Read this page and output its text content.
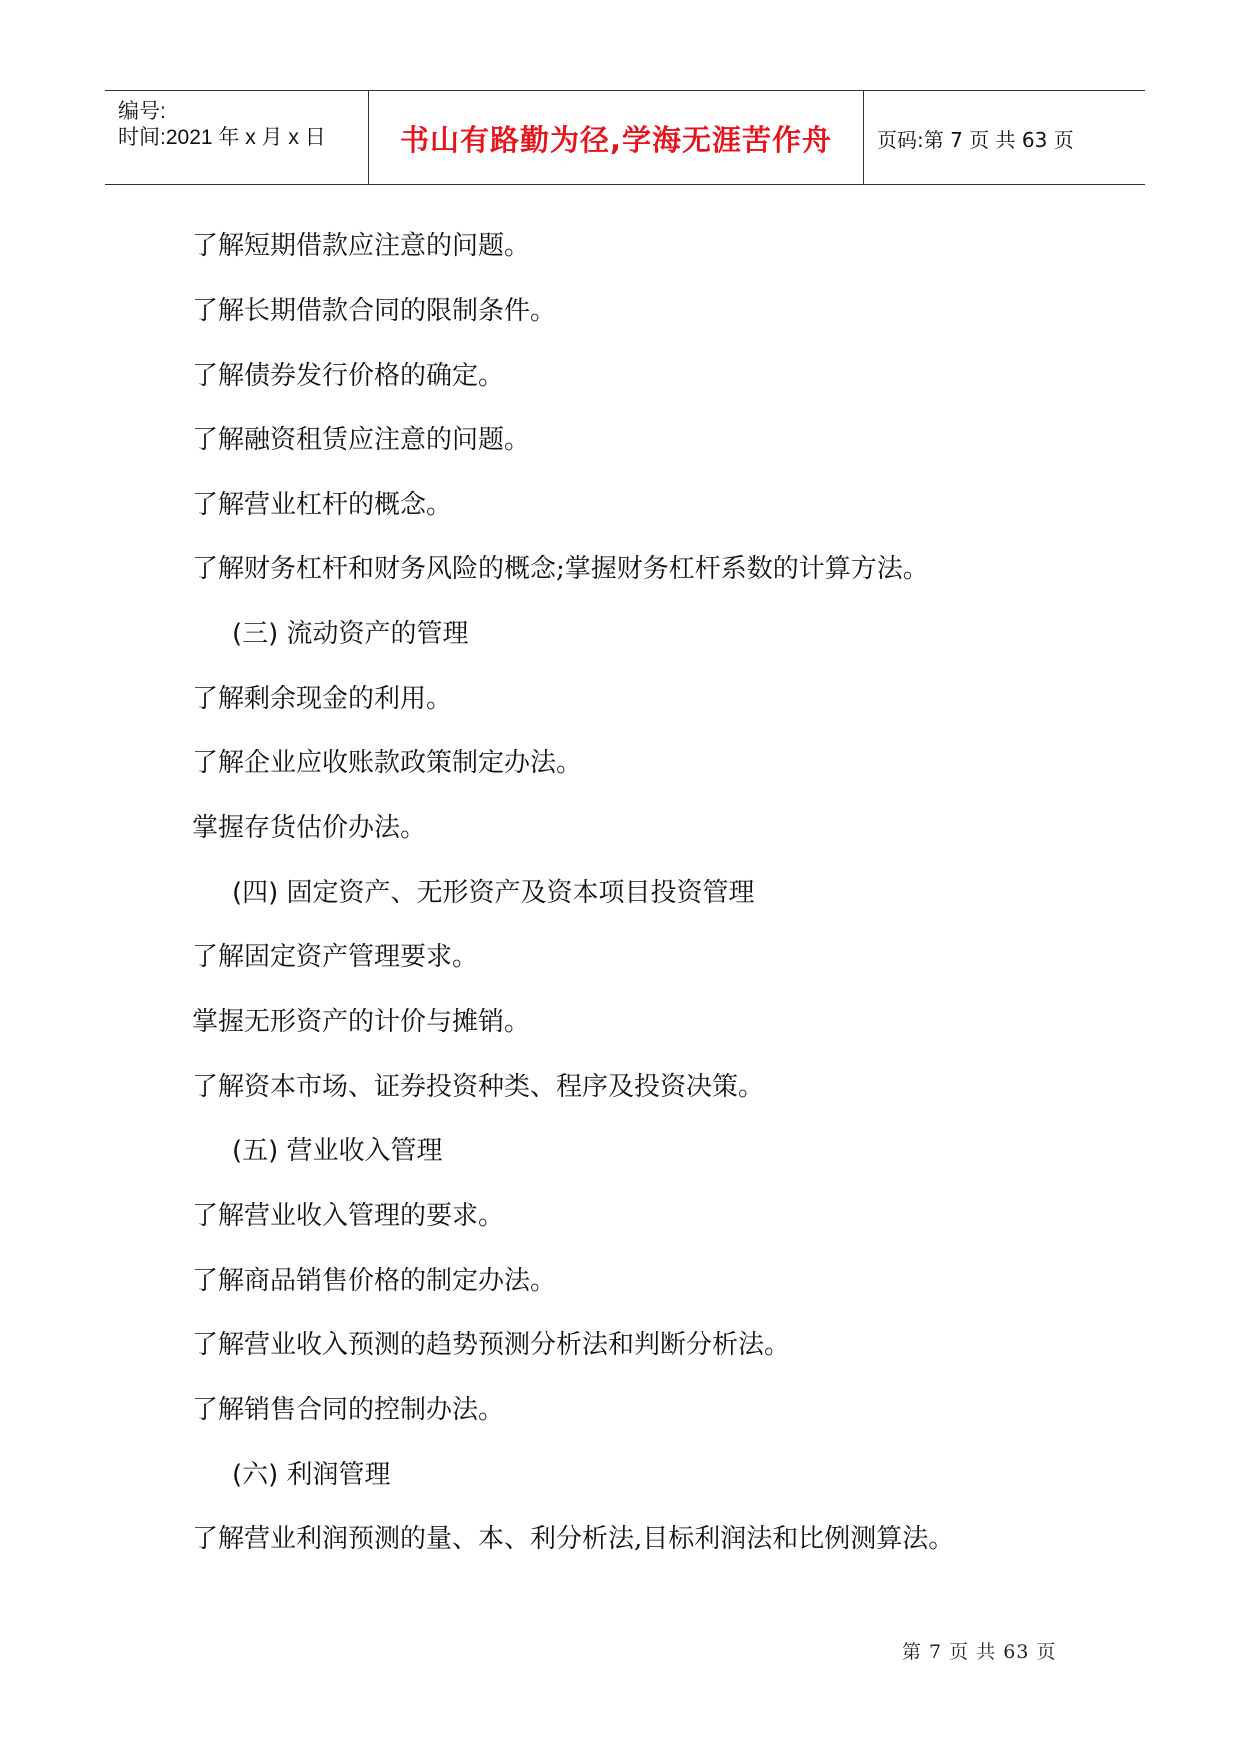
编号:
时间:2021 年 x 月 x 日	书山有路勤为径,学海无涯苦作舟	页码:第 7 页 共 63 页
了解短期借款应注意的问题。
了解长期借款合同的限制条件。
了解债券发行价格的确定。
了解融资租赁应注意的问题。
了解营业杠杆的概念。
了解财务杠杆和财务风险的概念;掌握财务杠杆系数的计算方法。
(三) 流动资产的管理
了解剩余现金的利用。
了解企业应收账款政策制定办法。
掌握存货估价办法。
(四) 固定资产、无形资产及资本项目投资管理
了解固定资产管理要求。
掌握无形资产的计价与摊销。
了解资本市场、证券投资种类、程序及投资决策。
(五) 营业收入管理
了解营业收入管理的要求。
了解商品销售价格的制定办法。
了解营业收入预测的趋势预测分析法和判断分析法。
了解销售合同的控制办法。
(六) 利润管理
了解营业利润预测的量、本、利分析法,目标利润法和比例测算法。
第 7 页 共 63 页
